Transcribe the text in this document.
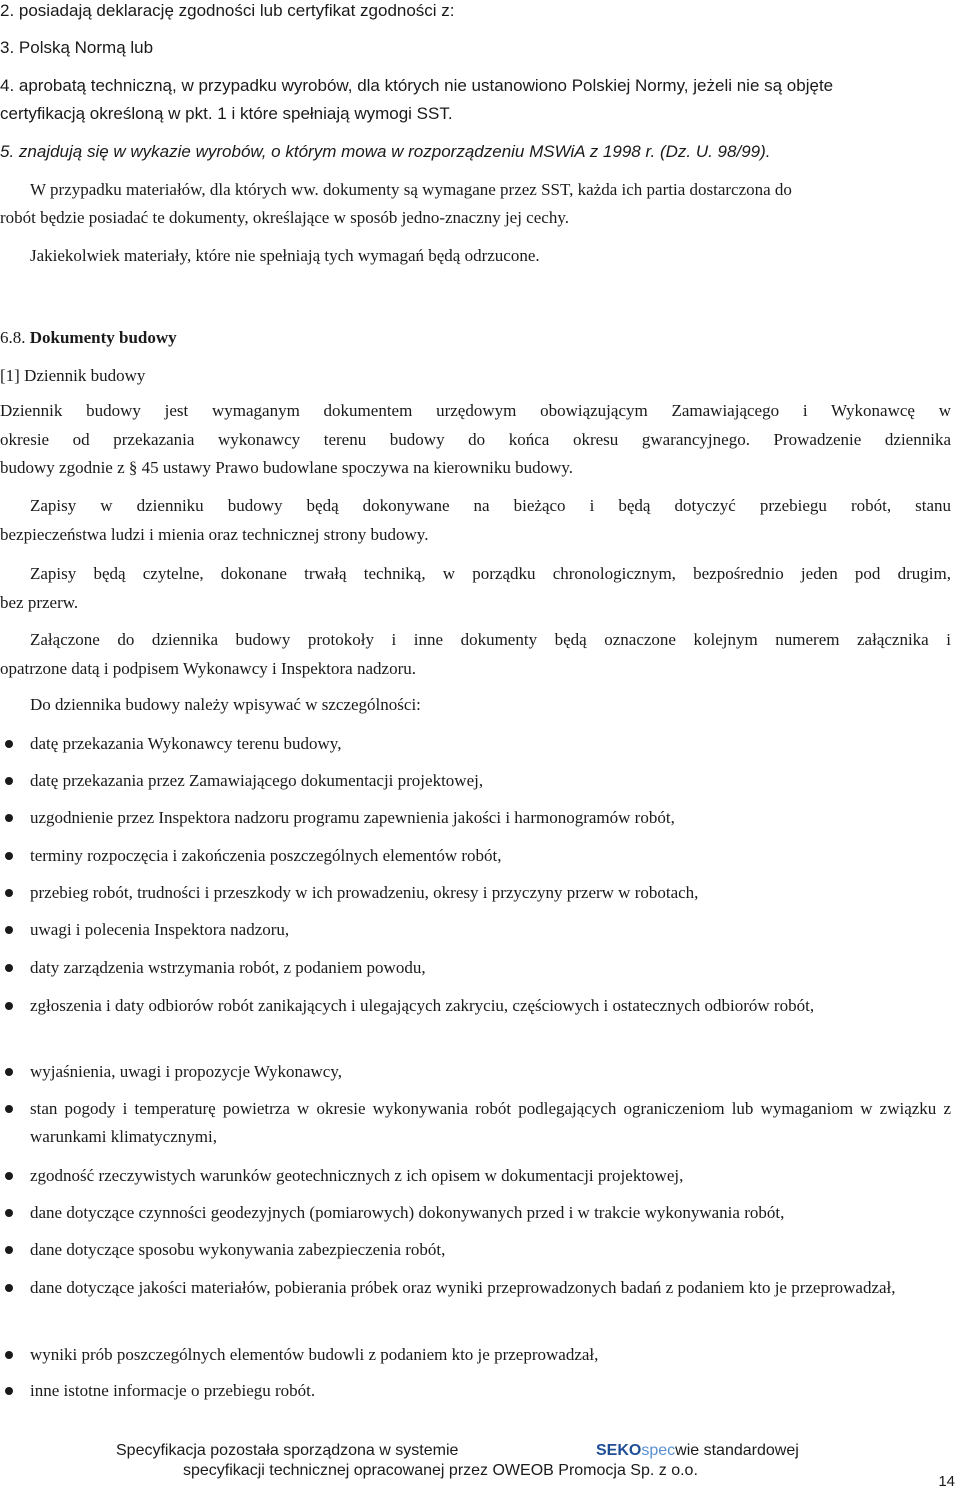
2. posiadają deklarację zgodności lub certyfikat zgodności z:
3. Polską Normą lub
4. aprobatą techniczną, w przypadku wyrobów, dla których nie ustanowiono Polskiej Normy, jeżeli nie są objęte
certyfikacją określoną w pkt. 1 i które spełniają wymogi SST.
5. znajdują się w wykazie wyrobów, o którym mowa w rozporządzeniu MSWiA z 1998 r. (Dz. U. 98/99).
W przypadku materiałów, dla których ww. dokumenty są wymagane przez SST, każda ich partia dostarczona do
robót będzie posiadać te dokumenty, określające w sposób jedno-znaczny jej cechy.
Jakiekolwiek materiały, które nie spełniają tych wymagań będą odrzucone.
6.8. Dokumenty budowy
[1] Dziennik budowy
Dziennik budowy jest wymaganym dokumentem urzędowym obowiązującym Zamawiającego i Wykonawcę w
okresie od przekazania wykonawcy terenu budowy do końca okresu gwarancyjnego. Prowadzenie dziennika
budowy zgodnie z § 45 ustawy Prawo budowlane spoczywa na kierowniku budowy.
Zapisy w dzienniku budowy będą dokonywane na bieżąco i będą dotyczyć przebiegu robót, stanu
bezpieczeństwa ludzi i mienia oraz technicznej strony budowy.
Zapisy będą czytelne, dokonane trwałą techniką, w porządku chronologicznym, bezpośrednio jeden pod drugim,
bez przerw.
Załączone do dziennika budowy protokoły i inne dokumenty będą oznaczone kolejnym numerem załącznika i
opatrzone datą i podpisem Wykonawcy i Inspektora nadzoru.
Do dziennika budowy należy wpisywać w szczególności:
datę przekazania Wykonawcy terenu budowy,
datę przekazania przez Zamawiającego dokumentacji projektowej,
uzgodnienie przez Inspektora nadzoru programu zapewnienia jakości i harmonogramów robót,
terminy rozpoczęcia i zakończenia poszczególnych elementów robót,
przebieg robót, trudności i przeszkody w ich prowadzeniu, okresy i przyczyny przerw w robotach,
uwagi i polecenia Inspektora nadzoru,
daty zarządzenia wstrzymania robót, z podaniem powodu,
zgłoszenia i daty odbiorów robót zanikających i ulegających zakryciu, częściowych i ostatecznych odbiorów robót,
wyjaśnienia, uwagi i propozycje Wykonawcy,
stan pogody i temperaturę powietrza w okresie wykonywania robót podlegających ograniczeniom lub wymaganiom w związku z warunkami klimatycznymi,
zgodność rzeczywistych warunków geotechnicznych z ich opisem w dokumentacji projektowej,
dane dotyczące czynności geodezyjnych (pomiarowych) dokonywanych przed i w trakcie wykonywania robót,
dane dotyczące sposobu wykonywania zabezpieczenia robót,
dane dotyczące jakości materiałów, pobierania próbek oraz wyniki przeprowadzonych badań z podaniem kto je przeprowadzał,
wyniki prób poszczególnych elementów budowli z podaniem kto je przeprowadzał,
inne istotne informacje o przebiegu robót.
Specyfikacja pozostała sporządzona w systemie	SEKOspecwie standardowej
specyfikacji technicznej opracowanej przez OWEOB Promocja Sp. z o.o.
14
